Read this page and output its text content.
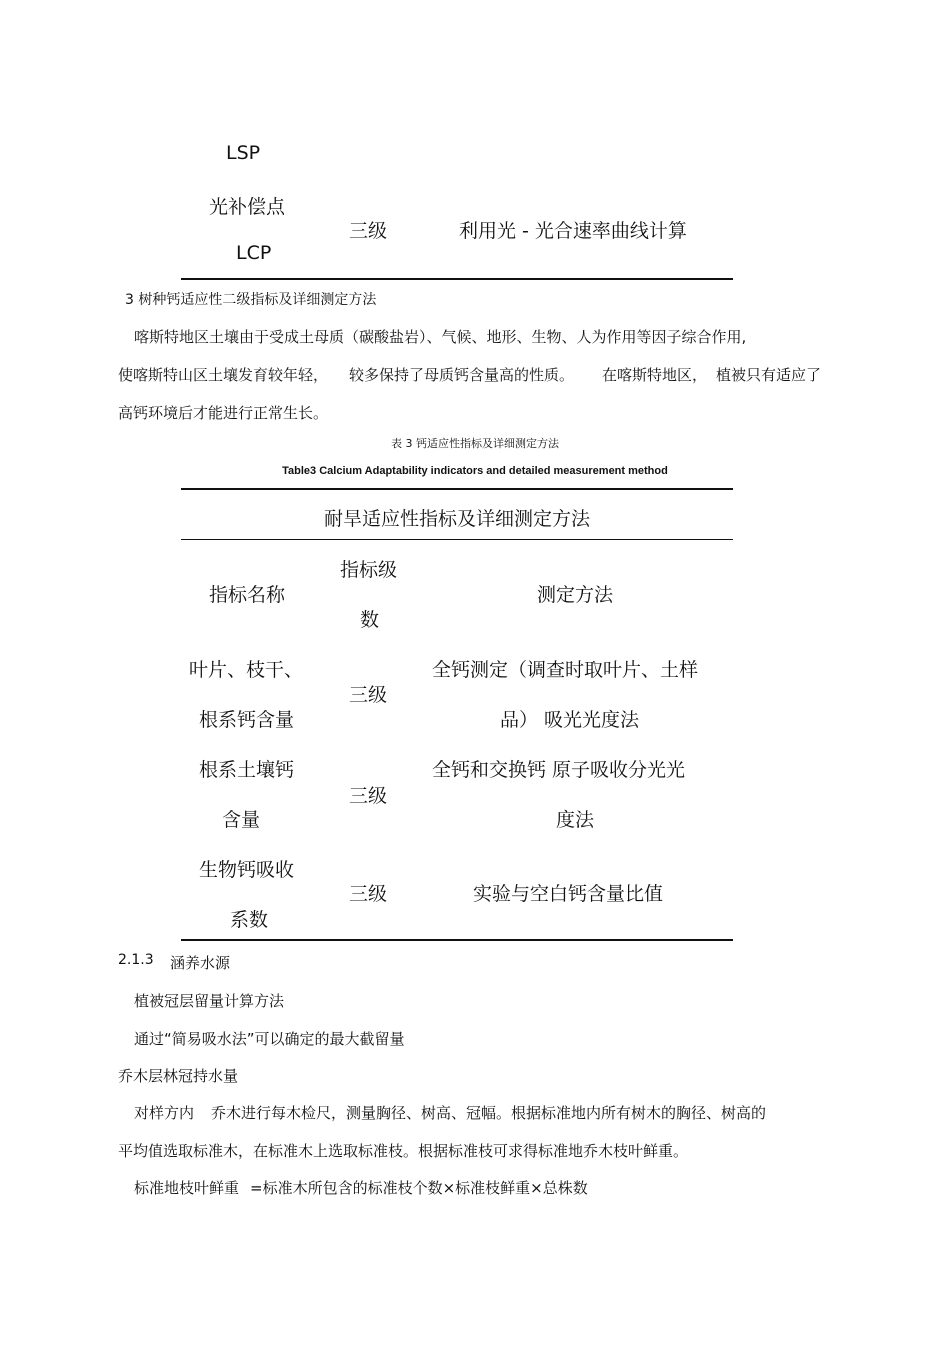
LSP
光补偿点
LCP
三级	利用光 - 光合速率曲线计算
3 树种钙适应性二级指标及详细测定方法
喀斯特地区土壤由于受成土母质（碳酸盐岩）、气候、地形、生物、人为作用等因子综合作用,
使喀斯特山区土壤发育较年轻， 较多保持了母质钙含量高的性质。 在喀斯特地区， 植被只有适应了
高钙环境后才能进行正常生长。
表 3 钙适应性指标及详细测定方法
Table3 Calcium Adaptability indicators and detailed measurement method
耐旱适应性指标及详细测定方法
指标名称
指标级
数
测定方法
叶片、枝干、
根系钙含量
三级
全钙测定（调查时取叶片、土样
品） 吸光光度法
根系土壤钙
含量
三级
全钙和交换钙 原子吸收分光光
度法
生物钙吸收
系数
三级	实验与空白钙含量比值
2.1.3 涵养水源
植被冠层留量计算方法
通过“简易吸水法”可以确定的最大截留量
乔木层林冠持水量
对样方内 乔木进行每木检尺，测量胸径、树高、冠幅。根据标准地内所有树木的胸径、树高的
平均值选取标准木，在标准木上选取标准枝。根据标准枝可求得标准地乔木枝叶鲜重。
标准地枝叶鲜重 =标准木所包含的标准枝个数×标准枝鲜重×总株数
